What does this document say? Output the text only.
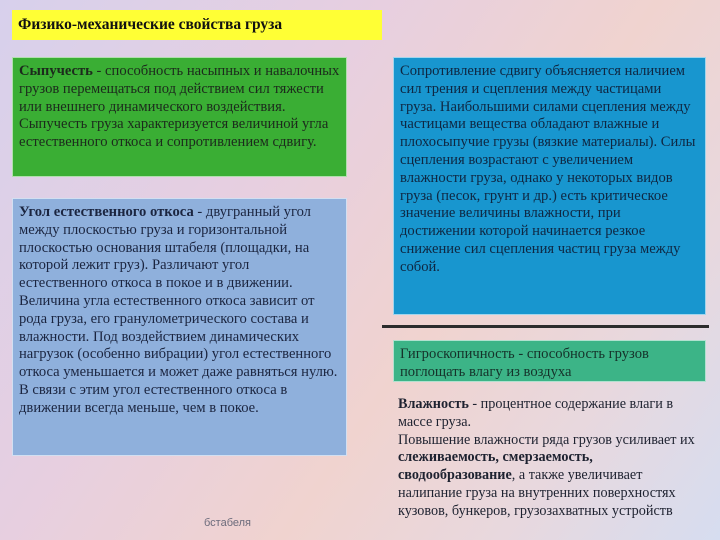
Физико-механические свойства груза
Сыпучесть - способность насыпных и навалочных грузов перемещаться под действием сил тяжести или внешнего динамического воздействия. Сыпучесть груза характеризуется величиной угла естественного откоса и сопротивлением сдвигу.
Сопротивление сдвигу объясняется наличием сил трения и сцепления между частицами груза. Наибольшими силами сцепления между частицами вещества обладают влажные и плохосыпучие грузы (вязкие материалы). Силы сцепления возрастают с увеличением влажности груза, однако у некоторых видов груза (песок, грунт и др.) есть критическое значение величины влажности, при достижении которой начинается резкое снижение сил сцепления частиц груза между собой.
Угол естественного откоса - двугранный угол между плоскостью груза и горизонтальной плоскостью основания штабеля (площадки, на которой лежит груз). Различают угол естественного откоса в покое и в движении. Величина угла естественного откоса зависит от рода груза, его гранулометрического состава и влажности. Под воздействием динамических нагрузок (особенно вибрации) угол естественного откоса уменьшается и может даже равняться нулю. В связи с этим угол естественного откоса в движении всегда меньше, чем в покое.
Гигроскопичность - способность грузов поглощать влагу из воздуха
Влажность - процентное содержание влаги в массе груза.
Повышение влажности ряда грузов усиливает их слеживаемость, смерзаемость, сводообразование, а также увеличивает налипание груза на внутренних поверхностях кузовов, бункеров, грузозахватных устройств
бстабеля
